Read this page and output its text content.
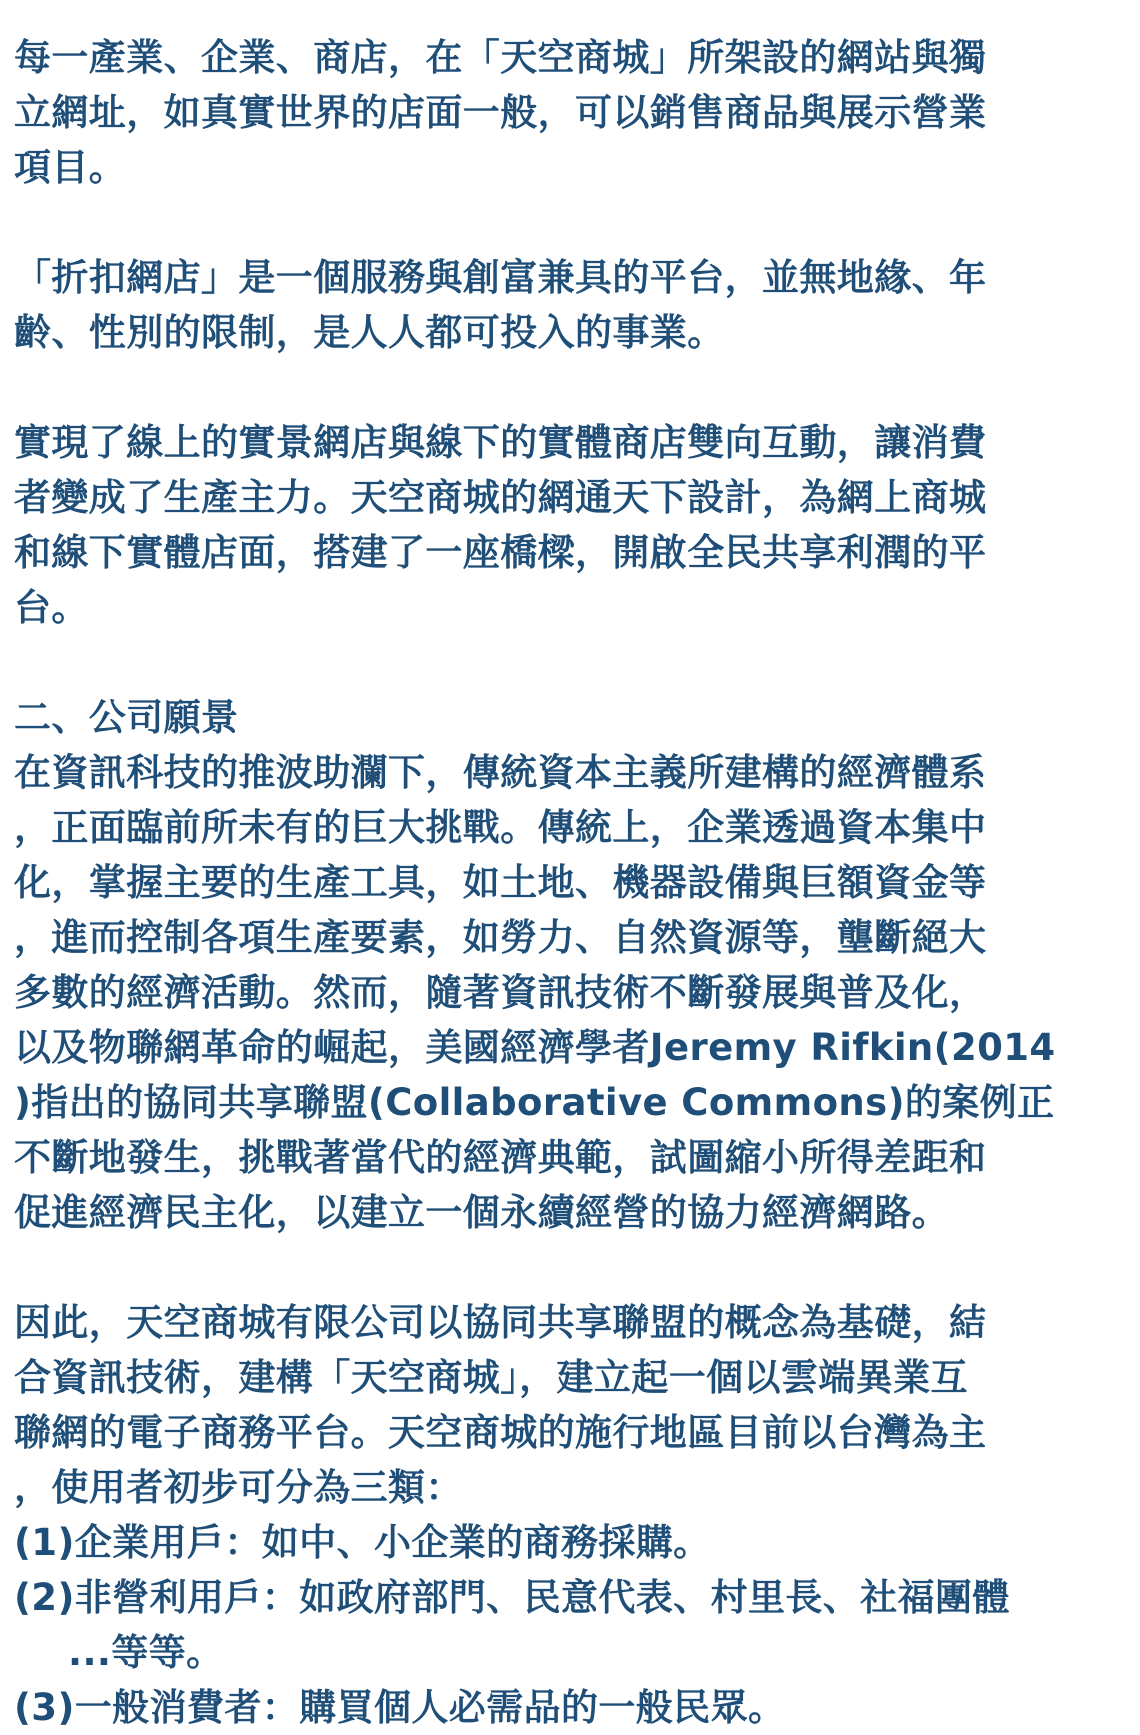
每一產業、企業、商店，在「天空商城」所架設的網站與獨
立網址，如真實世界的店面一般，可以銷售商品與展示營業
項目。
「折扣網店」是一個服務與創富兼具的平台，並無地緣、年
齡、性別的限制，是人人都可投入的事業。
實現了線上的實景網店與線下的實體商店雙向互動，讓消費
者變成了生產主力。天空商城的網通天下設計，為網上商城
和線下實體店面，搭建了一座橋樑，開啟全民共享利潤的平
台。
二、公司願景
在資訊科技的推波助瀾下，傳統資本主義所建構的經濟體系
，正面臨前所未有的巨大挑戰。傳統上，企業透過資本集中
化，掌握主要的生產工具，如土地、機器設備與巨額資金等
，進而控制各項生產要素，如勞力、自然資源等，壟斷絕大
多數的經濟活動。然而，隨著資訊技術不斷發展與普及化，
以及物聯網革命的崛起，美國經濟學者Jeremy Rifkin(2014
)指出的協同共享聯盟(Collaborative Commons)的案例正
不斷地發生，挑戰著當代的經濟典範，試圖縮小所得差距和
促進經濟民主化，以建立一個永續經營的協力經濟網路。
因此，天空商城有限公司以協同共享聯盟的概念為基礎，結
合資訊技術，建構「天空商城」，建立起一個以雲端異業互
聯網的電子商務平台。天空商城的施行地區目前以台灣為主
，使用者初步可分為三類：
(1)企業用戶：如中、小企業的商務採購。
(2)非營利用戶：如政府部門、民意代表、村里長、社福團體
...等等。
(3)一般消費者：購買個人必需品的一般民眾。
